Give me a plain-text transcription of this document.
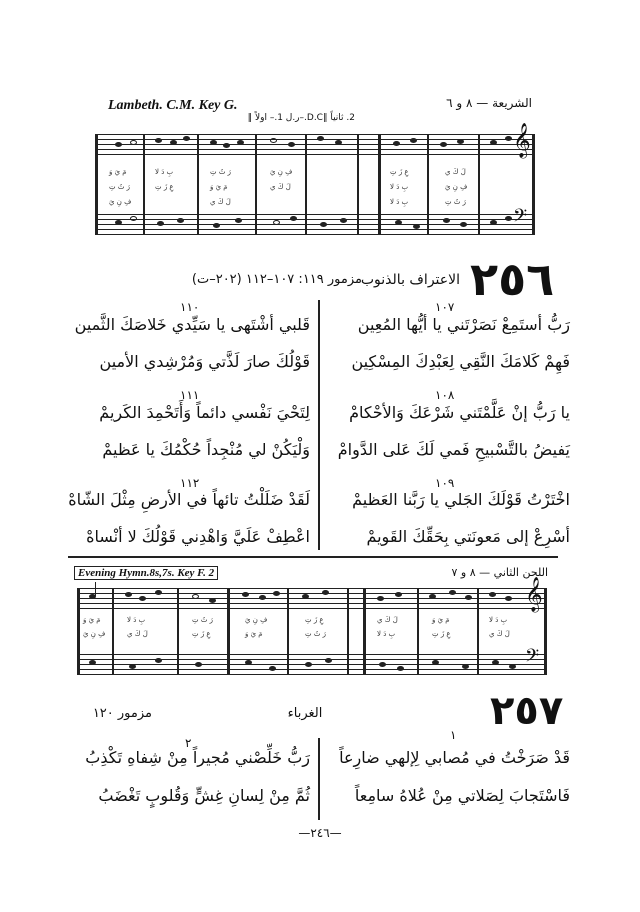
Lambeth. C.M. Key G.	الشريعة — ٨ و ٦
2. ثانياً ‖D.C.–ر.ل 1.– اولاً ‖
𝄞
𝄢
مَ يَ وَ	بِ دَ لا	رَ تُ تِ	فِ نِ يَ	عِ زَ تِ	لَ كَ ي
رَ تُ تِ	عِ زَ تِ	مَ يَ وَ	لَ كَ ي	بِ دَ لا	فِ نِ يَ
فِ نِ يَ	لَ كَ ي	بِ دَ لا	رَ تُ تِ
٢٥٦
الاعتراف بالذنوب
مزمور ١١٩: ١٠٧–١١٢ (٢٠٢–ت)
١٠٧
١١٠
رَبُّ أستَمِعْ نَصَرْتَني يا أيُّها المُعِين
فَهِمْ كَلامَكَ النَّقِي لِعَبْدِكَ المِسْكِين
قَلبي أشْتَهى يا سَيِّدي خَلاصَكَ الثَّمين
قَوْلُكَ صارَ لَذَّتي وَمُرْشِدي الأمين
١٠٨
١١١
يا رَبُّ إنْ عَلَّمْتَني شَرْعَكَ وَالأحْكامْ
يَفيضُ بالتَّسْبيحِ فَمي لَكَ عَلى الدَّوامْ
لِتَحْيَ نَفْسي دائماً وَأَتَحْمِدَ الكَريمْ
وَلْيَكُنْ لي مُنْجِداً حُكْمُكَ يا عَظيمْ
١٠٩
١١٢
اخْتَرْتُ قَوْلَكَ الجَلي يا رَبَّنا العَظيمْ
أسْرِعْ إلى مَعونَتي بِحَقِّكَ القَويمْ
لَقَدْ ضَلَلْتُ تائهاً في الأرضِ مِثْلَ الشّاهْ
اعْطِفْ عَلَيَّ وَاهْدِني قَوْلُكَ لا أنْساهْ
Evening Hymn.8s,7s. Key F. 2	اللحن الثاني — ٨ و ٧
𝄞
𝄢
مَ يَ وَ	بِ دَ لا	رَ تُ تِ	فِ نِ يَ	عِ زَ تِ	لَ كَ ي	مَ يَ وَ	بِ دَ لا
فِ نِ يَ	لَ كَ ي	عِ زَ تِ	مَ يَ وَ	رَ تُ تِ	بِ دَ لا	عِ زَ تِ	لَ كَ ي
٢٥٧
الغرباء
مزمور ١٢٠
١
٢
قَدْ صَرَخْتُ في مُصابي لِإلهي ضارِعاً
فَاسْتَجابَ لِصَلاتي مِنْ عُلاهُ سامِعاً
رَبُّ خَلِّصْني مُجيراً مِنْ شِفاهِ تَكْذِبُ
ثُمَّ مِنْ لِسانِ غِشٍّ وَقُلوبٍ تَغْضَبُ
—٢٤٦—
